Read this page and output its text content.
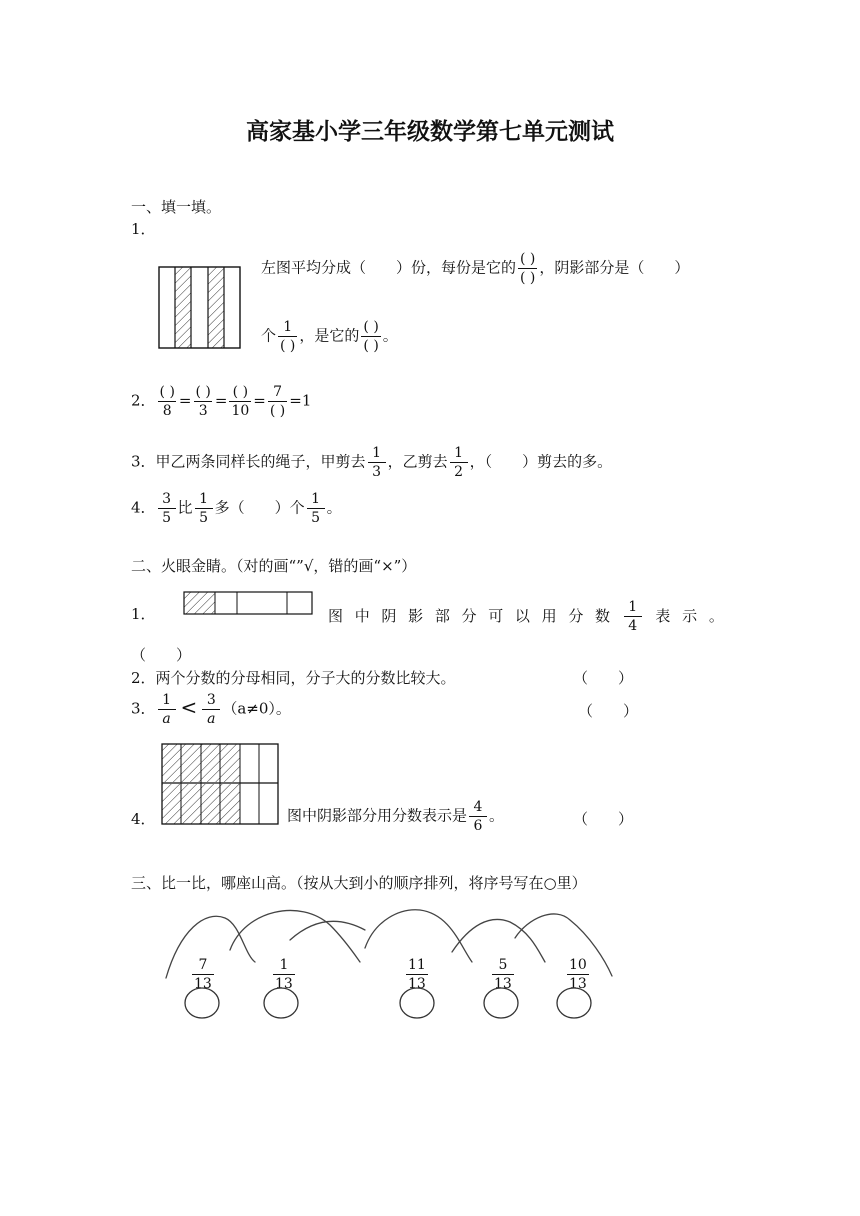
高家基小学三年级数学第七单元测试
一、填一填。
1．
左图平均分成（　　）份，每份是它的 $\frac{( )}{( )}$ ，阴影部分是（　　）
个 $\frac{1}{( )}$ ，是它的 $\frac{( )}{( )}$ 。
2． $\frac{( )}{8} = \frac{( )}{3} = \frac{( )}{10} = \frac{7}{( )} =1$
3．甲乙两条同样长的绳子，甲剪去 $\frac{1}{3}$ ，乙剪去 $\frac{1}{2}$ ，（　　）剪去的多。
4． $\frac{3}{5}$ 比 $\frac{1}{5}$ 多（　　）个 $\frac{1}{5}$ 。
二、火眼金睛。（对的画“”√，错的画“×”）
1．	图 中 阴 影 部 分 可 以 用 分 数 $\frac{1}{4}$ 表 示 。
（　　）
2．两个分数的分母相同，分子大的分数比较大。	（　　）
3． $\frac{1}{a} < \frac{3}{a} (a\ne 0)$。	（　　）
4．	图中阴影部分用分数表示是 $\frac{4}{6}$ 。	（　　）
三、比一比，哪座山高。（按从大到小的顺序排列，将序号写在○里）
$\frac{7}{13}$	$\frac{1}{13}$	$\frac{11}{13}$	$\frac{5}{13}$	$\frac{10}{13}$
